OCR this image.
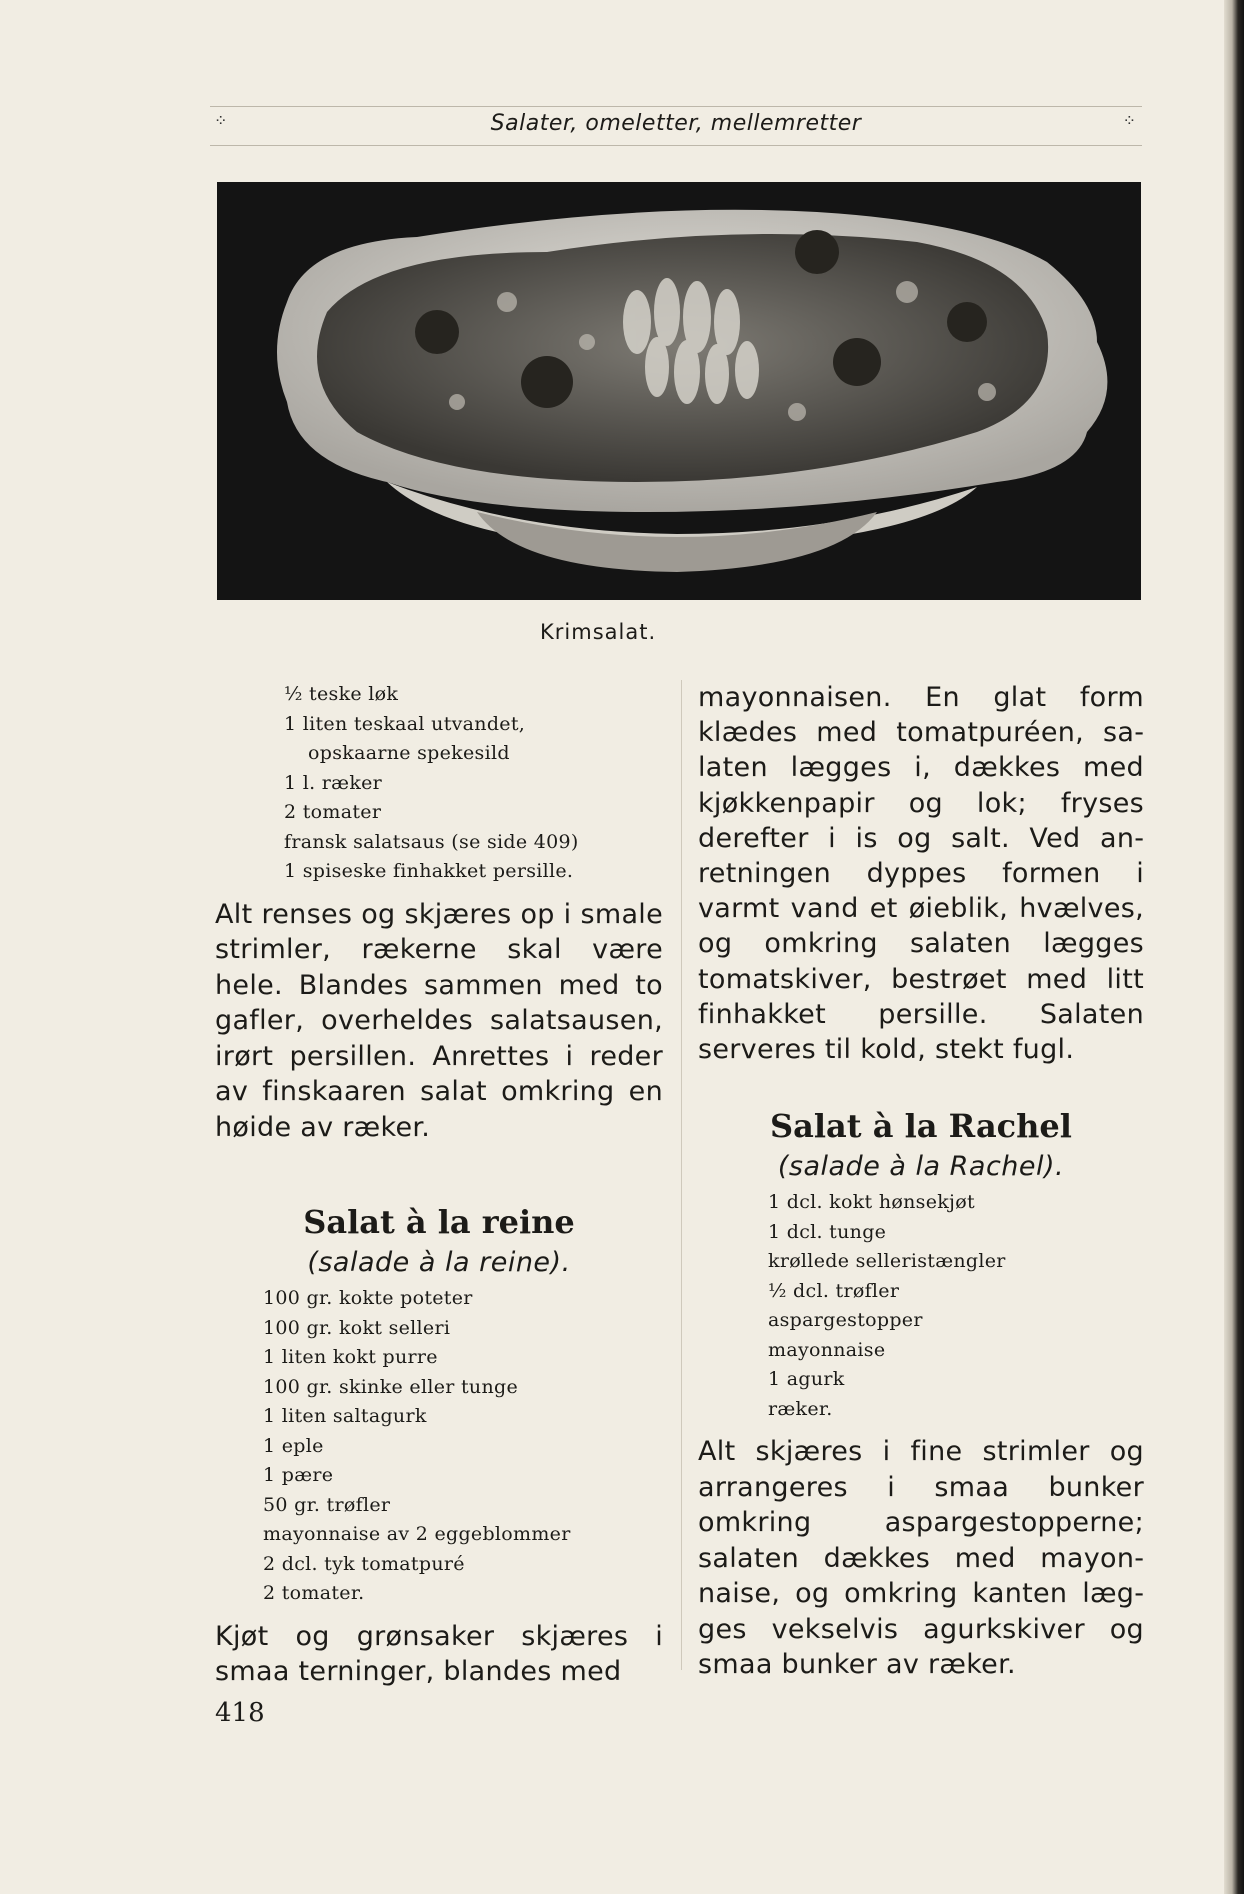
⁘	Salater, omeletter, mellemretter	⁘
Krimsalat.
½ teske løk
1 liten teskaal utvandet,
opskaarne spekesild
1 l. ræker
2 tomater
fransk salatsaus (se side 409)
1 spiseske finhakket persille.

Alt renses og skjæres op i smale strimler, rækerne skal være hele. Blandes sammen med to gafler, overheldes salatsausen, irørt persillen. Anrettes i reder av finskaaren salat omkring en høide av ræker.

Salat à la reine
(salade à la reine).
100 gr. kokte poteter
100 gr. kokt selleri
1 liten kokt purre
100 gr. skinke eller tunge
1 liten saltagurk
1 eple
1 pære
50 gr. trøfler
mayonnaise av 2 eggeblommer
2 dcl. tyk tomatpuré
2 tomater.

Kjøt og grønsaker skjæres i smaa terninger, blandes med

mayonnaisen. En glat form klædes med tomatpuréen, salaten lægges i, dækkes med kjøkkenpapir og lok; fryses derefter i is og salt. Ved anretningen dyppes formen i varmt vand et øieblik, hvælves, og omkring salaten lægges tomatskiver, bestrøet med litt finhakket persille. Salaten serveres til kold, stekt fugl.

Salat à la Rachel
(salade à la Rachel).
1 dcl. kokt hønsekjøt
1 dcl. tunge
krøllede selleristængler
½ dcl. trøfler
aspargestopper
mayonnaise
1 agurk
ræker.

Alt skjæres i fine strimler og arrangeres i smaa bunker omkring aspargestopperne; salaten dækkes med mayonnaise, og omkring kanten lægges vekselvis agurkskiver og smaa bunker av ræker.

418
